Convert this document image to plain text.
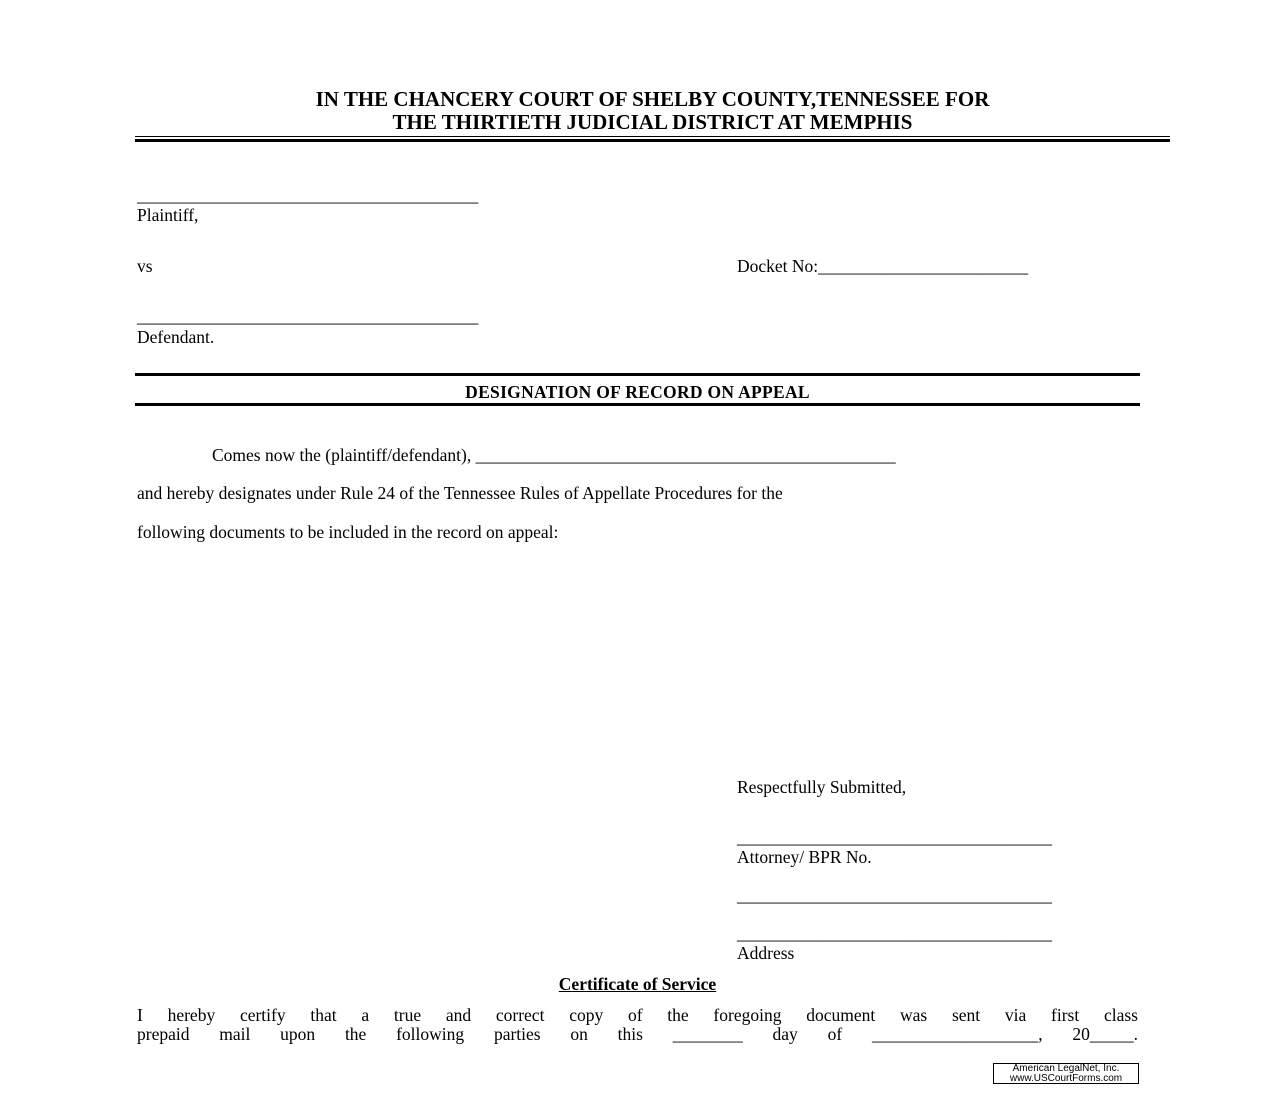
IN THE CHANCERY COURT OF SHELBY COUNTY,TENNESSEE FOR
THE THIRTIETH JUDICIAL DISTRICT AT MEMPHIS
_______________________________________
Plaintiff,
vs	Docket No:________________________
_______________________________________
Defendant.
DESIGNATION OF RECORD ON APPEAL
Comes now the (plaintiff/defendant), ________________________________________________
and hereby designates under Rule 24 of the Tennessee Rules of Appellate Procedures for the
following documents to be included in the record on appeal:
Respectfully Submitted,
____________________________________
Attorney/ BPR No.
____________________________________
____________________________________
Address
Certificate of Service
I hereby certify that a true and correct copy of the foregoing document was sent via first class
prepaid mail upon the following parties on this ________ day of ___________________, 20_____.
American LegalNet, Inc.
www.USCourtForms.com
